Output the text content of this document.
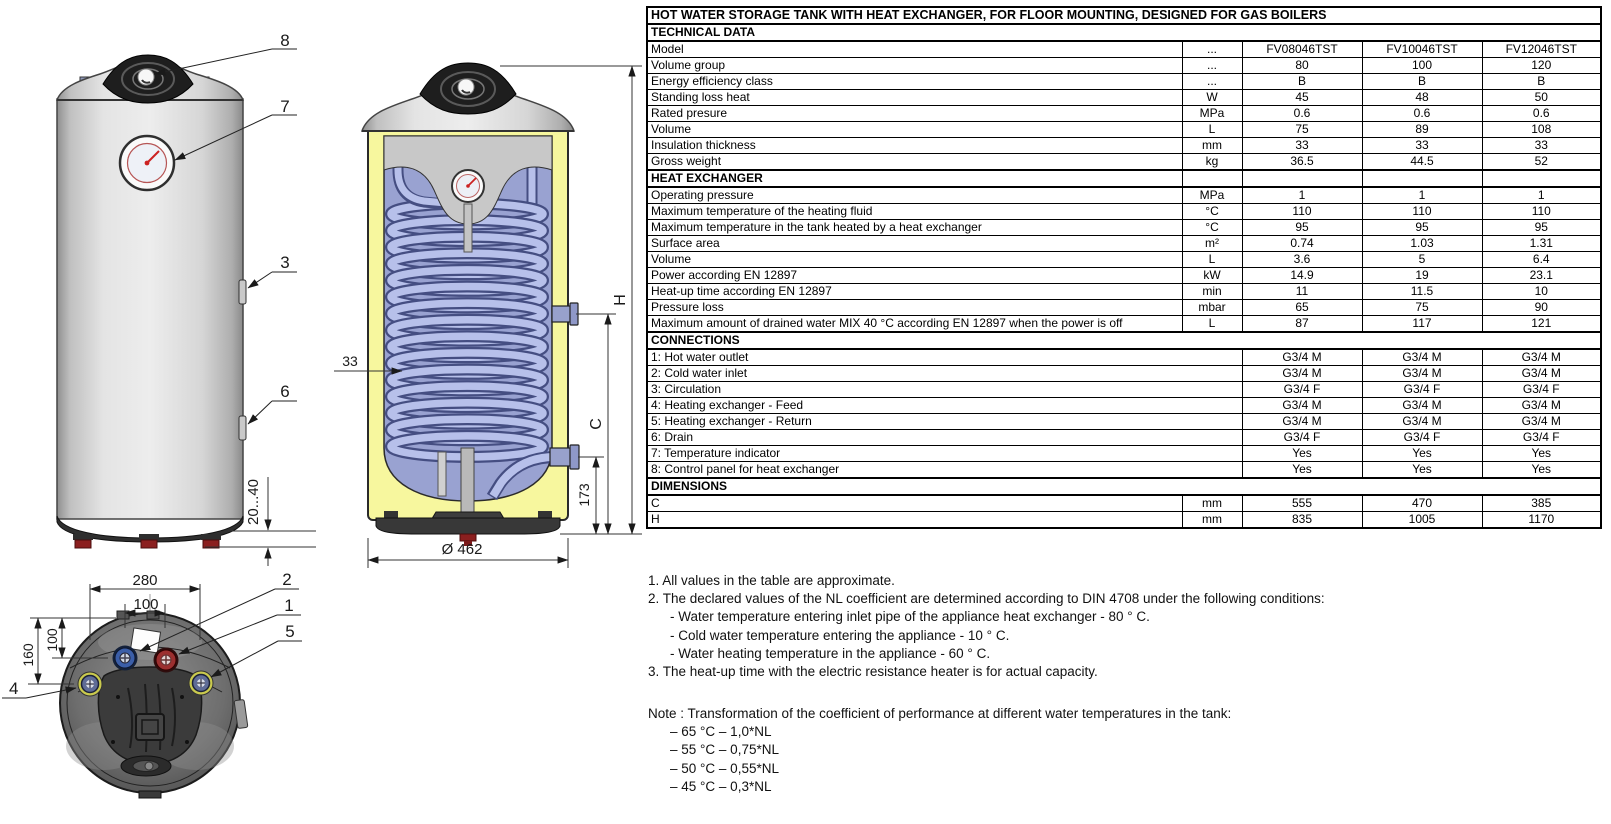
8
7
3
6
20...40
33
H
C
173
Ø 462
280
100
160
100
2
1
5
4
HOT WATER STORAGE TANK WITH HEAT EXCHANGER, FOR FLOOR MOUNTING, DESIGNED FOR GAS BOILERS				
TECHNICAL DATA				
Model	...	FV08046TST	FV10046TST	FV12046TST
Volume group	...	80	100	120
Energy efficiency class	...	B	B	B
Standing loss heat	W	45	48	50
Rated presure	MPa	0.6	0.6	0.6
Volume	L	75	89	108
Insulation thickness	mm	33	33	33
Gross weight	kg	36.5	44.5	52
HEAT EXCHANGER				
Operating pressure	MPa	1	1	1
Maximum temperature of the heating fluid	°C	110	110	110
Maximum temperature in the tank heated by a heat exchanger	°C	95	95	95
Surface area	m²	0.74	1.03	1.31
Volume	L	3.6	5	6.4
Power according EN 12897	kW	14.9	19	23.1
Heat-up time according EN 12897	min	11	11.5	10
Pressure loss	mbar	65	75	90
Maximum amount of drained water MIX 40 °C according EN 12897 when the power is off	L	87	117	121
CONNECTIONS				
1: Hot water outlet		G3/4 M	G3/4 M	G3/4 M
2: Cold water inlet		G3/4 M	G3/4 M	G3/4 M
3: Circulation		G3/4 F	G3/4 F	G3/4 F
4: Heating exchanger - Feed		G3/4 M	G3/4 M	G3/4 M
5: Heating exchanger - Return		G3/4 M	G3/4 M	G3/4 M
6: Drain		G3/4 F	G3/4 F	G3/4 F
7: Temperature indicator		Yes	Yes	Yes
8: Control panel for heat exchanger		Yes	Yes	Yes
DIMENSIONS				
C	mm	555	470	385
H	mm	835	1005	1170
1. All values in the table are approximate.
2. The declared values of the NL coefficient are determined according to DIN 4708 under the following conditions:
- Water temperature entering inlet pipe of the appliance heat exchanger - 80 ° C.
- Cold water temperature entering the appliance - 10 ° C.
- Water heating temperature in the appliance - 60 ° C.
3. The heat-up time with the electric resistance heater is for actual capacity.
Note : Transformation of the coefficient of performance at different water temperatures in the tank:
– 65 °C – 1,0*NL
– 55 °C – 0,75*NL
– 50 °C – 0,55*NL
– 45 °C – 0,3*NL
